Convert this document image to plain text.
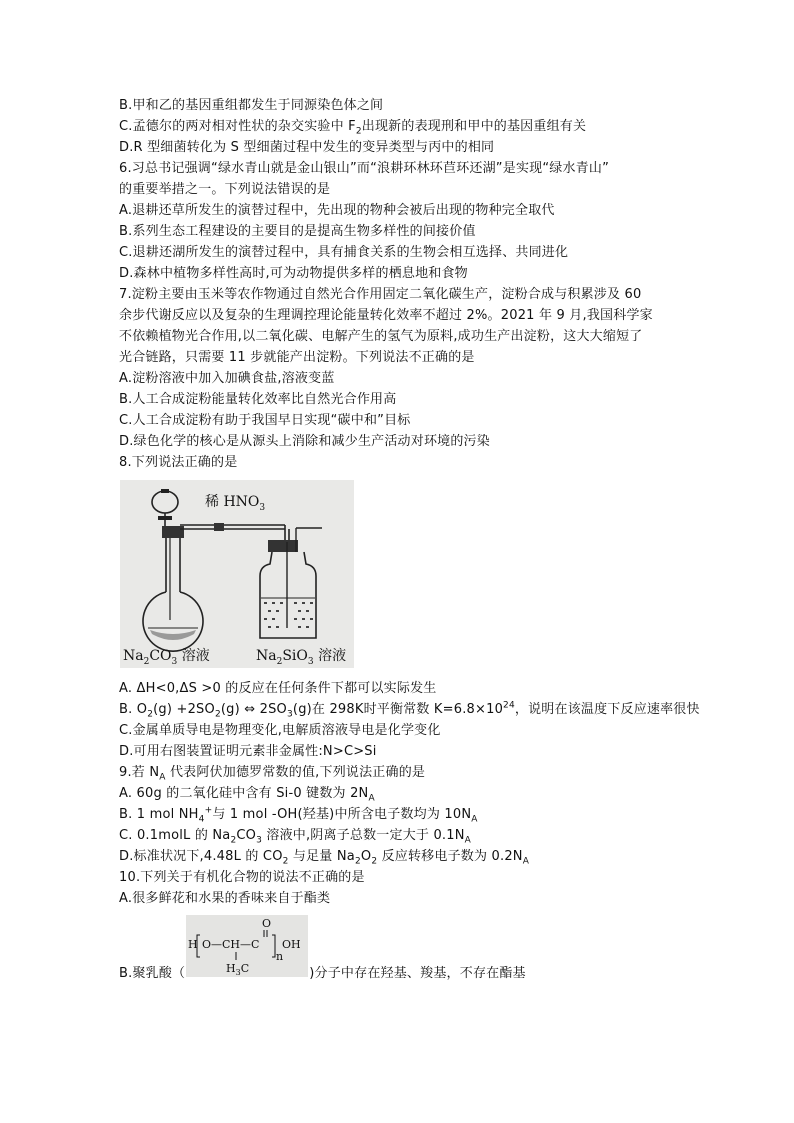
B.甲和乙的基因重组都发生于同源染色体之间
C.孟德尔的两对相对性状的杂交实验中 $F_2$出现新的表现刑和甲中的基因重组有关
D.R 型细菌转化为 S 型细菌过程中发生的变异类型与丙中的相同
6.习总书记强调“绿水青山就是金山银山”而“浪耕环林环苣环还湖”是实现“绿水青山”
的重要举措之一。下列说法错误的是
A.退耕还草所发生的演替过程中，先出现的物种会被后出现的物种完全取代
B.系列生态工程建设的主要目的是提高生物多样性的间接价值
C.退耕还湖所发生的演替过程中，具有捕食关系的生物会相互选择、共同进化
D.森林中植物多样性高时,可为动物提供多样的栖息地和食物
7.淀粉主要由玉米等农作物通过自然光合作用固定二氧化碳生产，淀粉合成与积累涉及 60
余步代谢反应以及复杂的生理调控理论能量转化效率不超过 2%。2021 年 9 月,我国科学家
不依赖植物光合作用,以二氧化碳、电解产生的氢气为原料,成功生产出淀粉，这大大缩短了
光合链路，只需要 11 步就能产出淀粉。下列说法不正确的是
A.淀粉溶液中加入加碘食盐,溶液变蓝
B.人工合成淀粉能量转化效率比自然光合作用高
C.人工合成淀粉有助于我国早日实现“碳中和”目标
D.绿色化学的核心是从源头上消除和减少生产活动对环境的污染
8.下列说法正确的是
稀 $HNO_3$
$Na_2CO_3$ 溶液	$Na_2SiO_3$ 溶液
A. ΔH<0,ΔS >0 的反应在任何条件下都可以实际发生
B. $O_2(g) +2SO_2(g)$ ⇔ $2SO_3(g)$在 298K时平衡常数 $K=6.8\times 10^{24}$，说明在该温度下反应速率很快
C.金属单质导电是物理变化,电解质溶液导电是化学变化
D.可用右图装置证明元素非金属性:N>C>Si
9.若 $N_A$ 代表阿伏加德罗常数的值,下列说法正确的是
A. 60g 的二氧化硅中含有 Si-0 键数为 $2N_A$
B. 1 mol $NH_4^+$与 1 mol -OH(羟基)中所含电子数均为 $10N_A$
C. 0.1molL 的 $Na_2CO_3$ 溶液中,阴离子总数一定大于 $0.1N_A$
D.标准状况下,4.48L 的 $CO_2$ 与足量 $Na_2O_2$ 反应转移电子数为 $0.2N_A$
10.下列关于有机化合物的说法不正确的是
A.很多鲜花和水果的香味来自于酯类
H O—CH—C
n
OH
O
$H_3C$
B.聚乳酸（	)分子中存在羟基、羧基，不存在酯基
